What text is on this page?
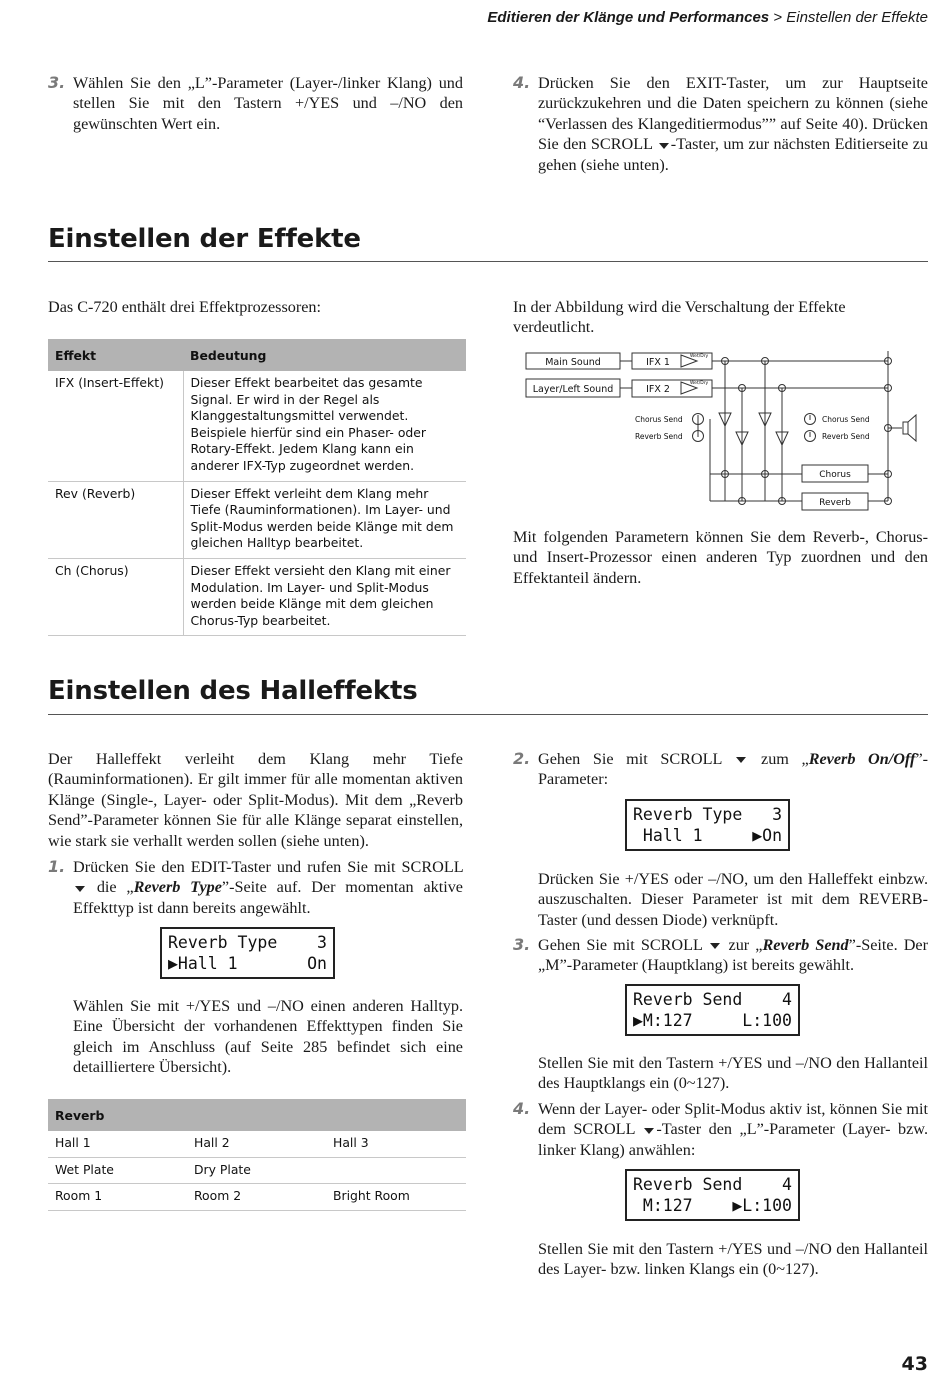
Editieren der Klänge und Performances > Einstellen der Effekte
3. Wählen Sie den „L”-Parameter (Layer-/linker Klang) und stellen Sie mit den Tastern +/YES und –/NO den gewünschten Wert ein.
4. Drücken Sie den EXIT-Taster, um zur Hauptseite zurückzukehren und die Daten speichern zu können (siehe “Verlassen des Klangeditiermodus”” auf Seite 40). Drücken Sie den SCROLL -Taster, um zur nächsten Editierseite zu gehen (siehe unten).
Einstellen der Effekte
Das C-720 enthält drei Effektprozessoren:
Effekt	Bedeutung
IFX (Insert-Effekt)	Dieser Effekt bearbeitet das gesamte Signal. Er wird in der Regel als Klanggestaltungsmittel verwendet. Beispiele hierfür sind ein Phaser- oder Rotary-Effekt. Jedem Klang kann ein anderer IFX-Typ zugeordnet werden.
Rev (Reverb)	Dieser Effekt verleiht dem Klang mehr Tiefe (Rauminformationen). Im Layer- und Split-Modus werden beide Klänge mit dem gleichen Halltyp bearbeitet.
Ch (Chorus)	Dieser Effekt versieht den Klang mit einer Modulation. Im Layer- und Split-Modus werden beide Klänge mit dem gleichen Chorus-Typ bearbeitet.
In der Abbildung wird die Verschaltung der Effekte verdeutlicht.
Main Sound
Layer/Left Sound
IFX 1
IFX 2
Wet/Dry
Wet/Dry
Chorus Send
Reverb Send
Chorus Send
Reverb Send
Chorus
Reverb
Mit folgenden Parametern können Sie dem Reverb-, Chorus- und Insert-Prozessor einen anderen Typ zuordnen und den Effektanteil ändern.
Einstellen des Halleffekts
Der Halleffekt verleiht dem Klang mehr Tiefe (Rauminformationen). Er gilt immer für alle momentan aktiven Klänge (Single-, Layer- oder Split-Modus). Mit dem „Reverb Send”-Parameter können Sie für alle Klänge separat einstellen, wie stark sie verhallt werden sollen (siehe unten).
1. Drücken Sie den EDIT-Taster und rufen Sie mit SCROLL  die „Reverb Type”-Seite auf. Der momentan aktive Effekttyp ist dann bereits angewählt.
Reverb Type    3
▶Hall 1       On
Wählen Sie mit +/YES und –/NO einen anderen Halltyp. Eine Übersicht der vorhandenen Effekttypen finden Sie gleich im Anschluss (auf Seite 285 befindet sich eine detailliertere Übersicht).
Reverb		
Hall 1	Hall 2	Hall 3
Wet Plate	Dry Plate	
Room 1	Room 2	Bright Room
2. Gehen Sie mit SCROLL  zum „Reverb On/Off”-Parameter:
Reverb Type   3
Hall 1     ▶On
Drücken Sie +/YES oder –/NO, um den Halleffekt einbzw. auszuschalten. Dieser Parameter ist mit dem REVERB-Taster (und dessen Diode) verknüpft.
3. Gehen Sie mit SCROLL  zur „Reverb Send”-Seite. Der „M”-Parameter (Hauptklang) ist bereits gewählt.
Reverb Send    4
▶M:127     L:100
Stellen Sie mit den Tastern +/YES und –/NO den Hallanteil des Hauptklangs ein (0~127).
4. Wenn der Layer- oder Split-Modus aktiv ist, können Sie mit dem SCROLL -Taster den „L”-Parameter (Layer- bzw. linker Klang) anwählen:
Reverb Send    4
M:127    ▶L:100
Stellen Sie mit den Tastern +/YES und –/NO den Hallanteil des Layer- bzw. linken Klangs ein (0~127).
43
